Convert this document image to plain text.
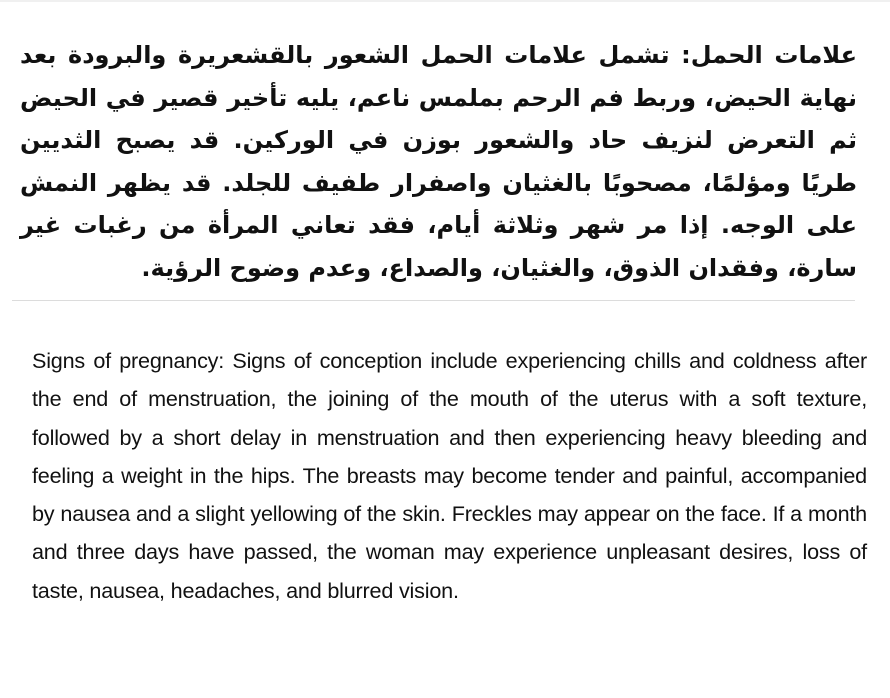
علامات الحمل: تشمل علامات الحمل الشعور بالقشعريرة والبرودة بعد نهاية الحيض، وربط فم الرحم بملمس ناعم، يليه تأخير قصير في الحيض ثم التعرض لنزيف حاد والشعور بوزن في الوركين. قد يصبح الثديين طريًا ومؤلمًا، مصحوبًا بالغثيان واصفرار طفيف للجلد. قد يظهر النمش على الوجه. إذا مر شهر وثلاثة أيام، فقد تعاني المرأة من رغبات غير سارة، وفقدان الذوق، والغثيان، والصداع، وعدم وضوح الرؤية.

Signs of pregnancy: Signs of conception include experiencing chills and coldness after the end of menstruation, the joining of the mouth of the uterus with a soft texture, followed by a short delay in menstruation and then experiencing heavy bleeding and feeling a weight in the hips. The breasts may become tender and painful, accompanied by nausea and a slight yellowing of the skin. Freckles may appear on the face. If a month and three days have passed, the woman may experience unpleasant desires, loss of taste, nausea, headaches, and blurred vision.
